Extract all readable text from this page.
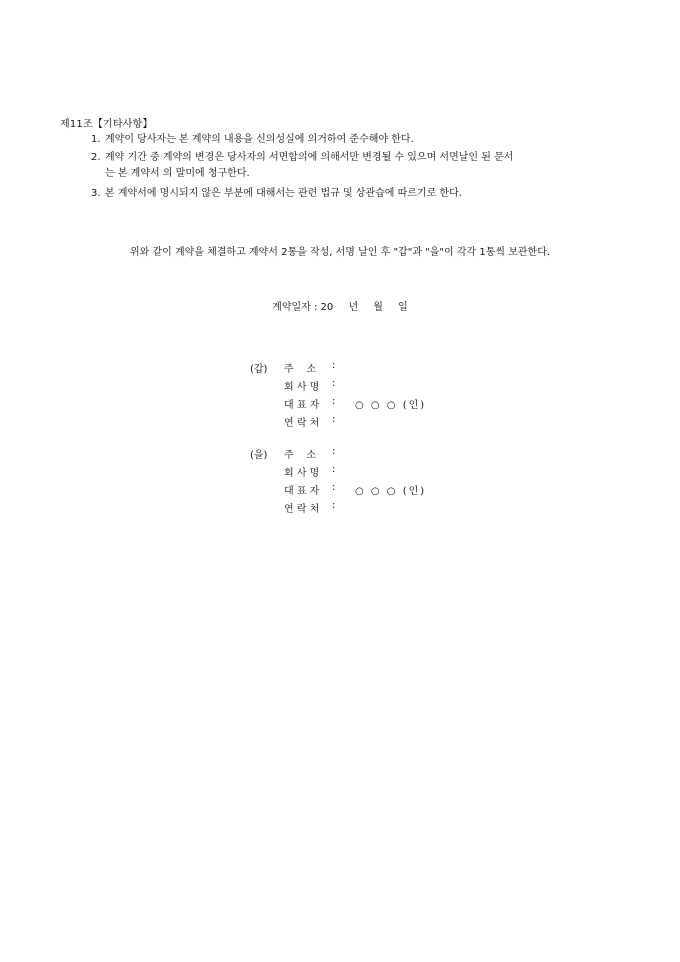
제11조【기타사항】
1. 계약이 당사자는 본 계약의 내용을 신의성실에 의거하여 준수해야 한다.
2. 계약 기간 중 계약의 변경은 당사자의 서면합의에 의해서만 변경될 수 있으며 서면날인 된 문서
는 본 계약서 의 말미에 청구한다.
3. 본 계약서에 명시되지 않은 부분에 대해서는 관련 법규 및 상관습에 따르기로 한다.
위와 같이 계약을 체결하고 계약서 2통을 작성, 서명 날인 후 "갑"과 "을"이 각각 1통씩 보관한다.
계약일자 : 20 년 월 일
(갑) 주    소	:
회 사 명	:
대 표 자	: ○ ○ ○ (인)
연 락 처	:
(을) 주    소	:
회 사 명	:
대 표 자	: ○ ○ ○ (인)
연 락 처	:
